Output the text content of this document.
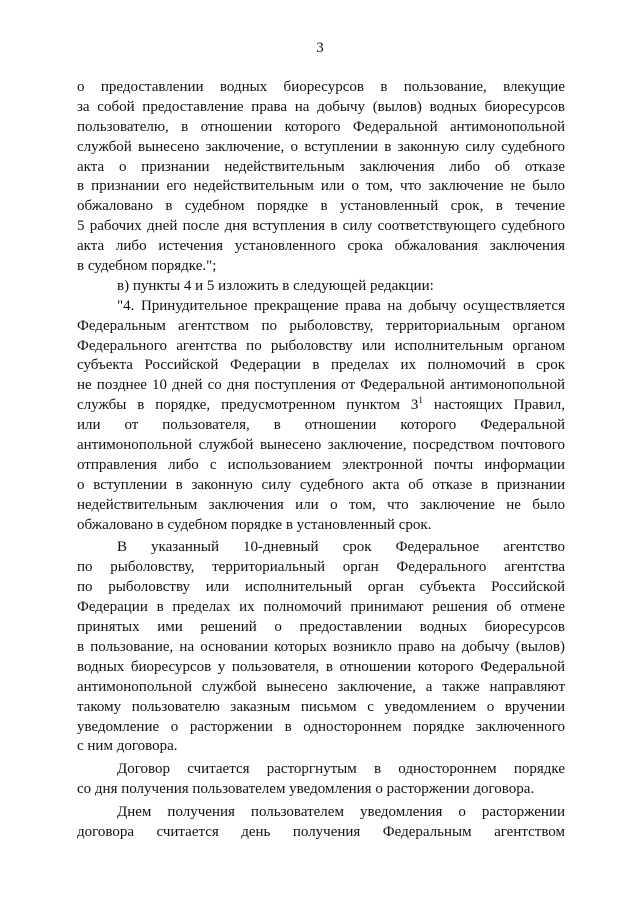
3
о предоставлении водных биоресурсов в пользование, влекущие
за собой предоставление права на добычу (вылов) водных биоресурсов
пользователю, в отношении которого Федеральной антимонопольной
службой вынесено заключение, о вступлении в законную силу судебного
акта о признании недействительным заключения либо об отказе
в признании его недействительным или о том, что заключение не было
обжаловано в судебном порядке в установленный срок, в течение
5 рабочих дней после дня вступления в силу соответствующего судебного
акта либо истечения установленного срока обжалования заключения
в судебном порядке.";
в) пункты 4 и 5 изложить в следующей редакции:
"4. Принудительное прекращение права на добычу осуществляется
Федеральным агентством по рыболовству, территориальным органом
Федерального агентства по рыболовству или исполнительным органом
субъекта Российской Федерации в пределах их полномочий в срок
не позднее 10 дней со дня поступления от Федеральной антимонопольной
службы в порядке, предусмотренном пунктом $3^1$ настоящих Правил,
или от пользователя, в отношении которого Федеральной
антимонопольной службой вынесено заключение, посредством почтового
отправления либо с использованием электронной почты информации
о вступлении в законную силу судебного акта об отказе в признании
недействительным заключения или о том, что заключение не было
обжаловано в судебном порядке в установленный срок.
В указанный 10-дневный срок Федеральное агентство
по рыболовству, территориальный орган Федерального агентства
по рыболовству или исполнительный орган субъекта Российской
Федерации в пределах их полномочий принимают решения об отмене
принятых ими решений о предоставлении водных биоресурсов
в пользование, на основании которых возникло право на добычу (вылов)
водных биоресурсов у пользователя, в отношении которого Федеральной
антимонопольной службой вынесено заключение, а также направляют
такому пользователю заказным письмом с уведомлением о вручении
уведомление о расторжении в одностороннем порядке заключенного
с ним договора.
Договор считается расторгнутым в одностороннем порядке
со дня получения пользователем уведомления о расторжении договора.
Днем получения пользователем уведомления о расторжении
договора считается день получения Федеральным агентством
